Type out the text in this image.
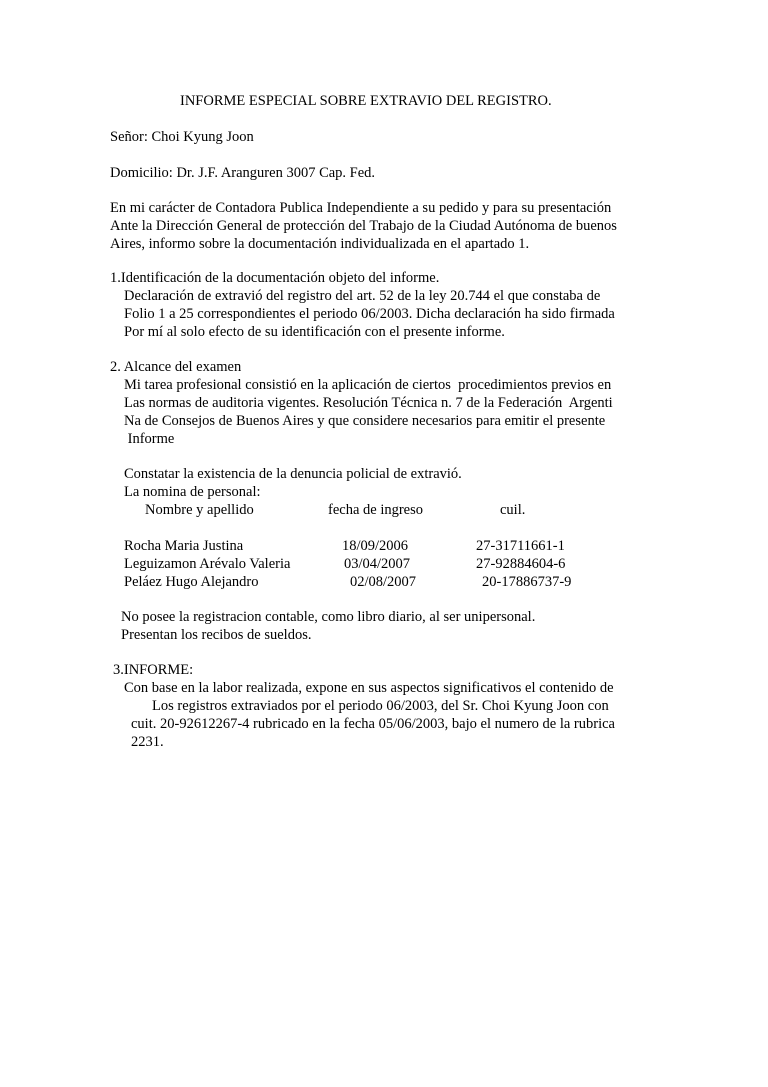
INFORME ESPECIAL SOBRE EXTRAVIO DEL REGISTRO.
Señor: Choi Kyung Joon
Domicilio: Dr. J.F. Aranguren 3007 Cap. Fed.
En mi carácter de Contadora Publica Independiente a su pedido y para su presentación
Ante la Dirección General de protección del Trabajo de la Ciudad Autónoma de buenos
Aires, informo sobre la documentación individualizada en el apartado 1.
1.Identificación de la documentación objeto del informe.
Declaración de extravió del registro del art. 52 de la ley 20.744 el que constaba de
Folio 1 a 25 correspondientes el periodo 06/2003. Dicha declaración ha sido firmada
Por mí al solo efecto de su identificación con el presente informe.
2. Alcance del examen
Mi tarea profesional consistió en la aplicación de ciertos  procedimientos previos en
Las normas de auditoria vigentes. Resolución Técnica n. 7 de la Federación  Argenti
Na de Consejos de Buenos Aires y que considere necesarios para emitir el presente
Informe
Constatar la existencia de la denuncia policial de extravió.
La nomina de personal:
Nombre y apellido	fecha de ingreso	cuil.
Rocha Maria Justina	18/09/2006	27-31711661-1
Leguizamon Arévalo Valeria	03/04/2007	27-92884604-6
Peláez Hugo Alejandro	02/08/2007	20-17886737-9
No posee la registracion contable, como libro diario, al ser unipersonal.
Presentan los recibos de sueldos.
3.INFORME:
Con base en la labor realizada, expone en sus aspectos significativos el contenido de
Los registros extraviados por el periodo 06/2003, del Sr. Choi Kyung Joon con
cuit. 20-92612267-4 rubricado en la fecha 05/06/2003, bajo el numero de la rubrica
2231.
